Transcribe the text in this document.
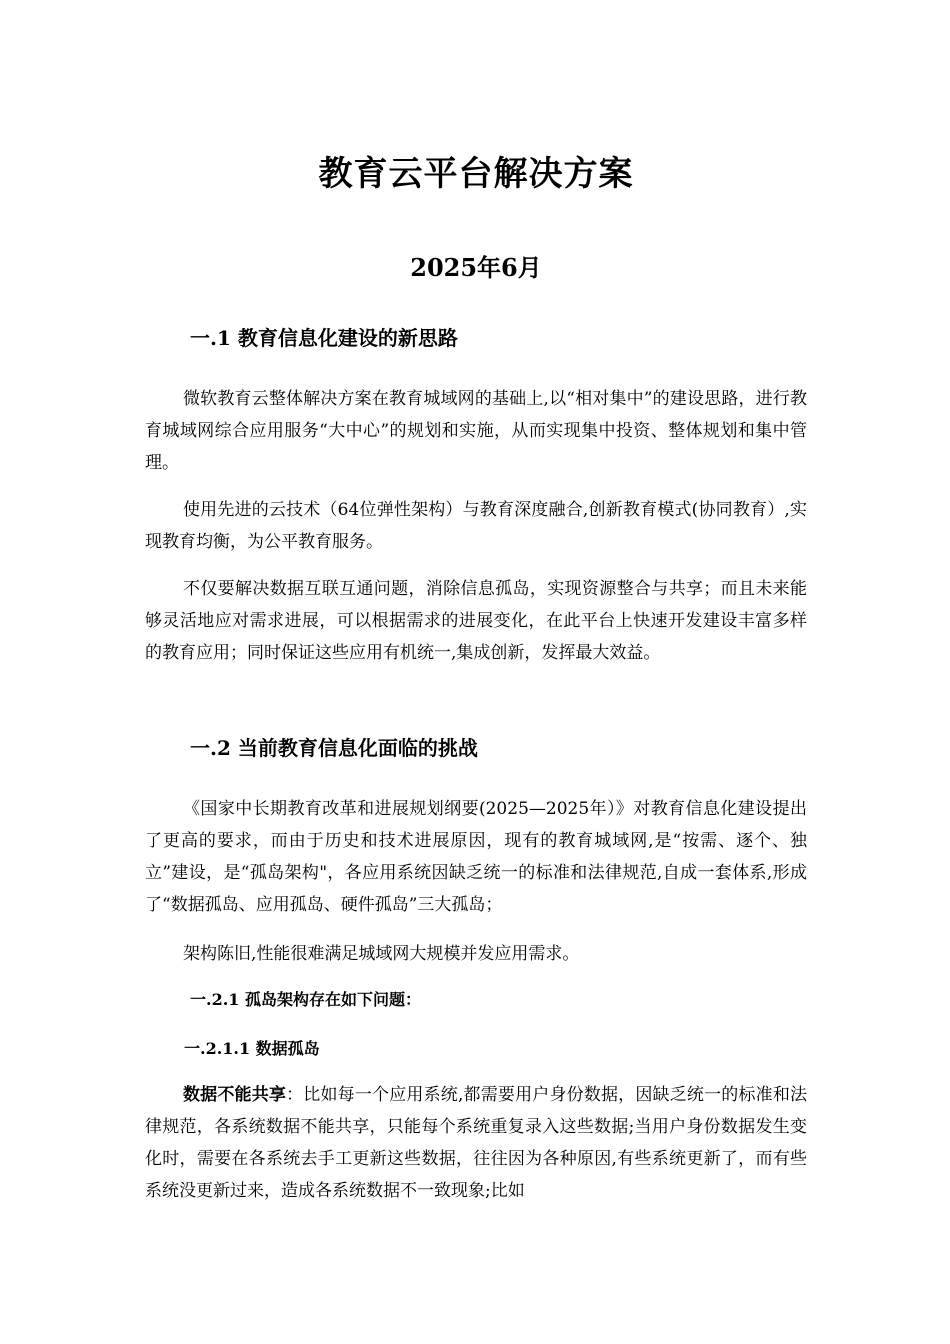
教育云平台解决方案
2025年6月
一.1 教育信息化建设的新思路

微软教育云整体解决方案在教育城域网的基础上,以“相对集中”的建设思路，进行教育城域网综合应用服务“大中心”的规划和实施，从而实现集中投资、整体规划和集中管理。

使用先进的云技术（64位弹性架构）与教育深度融合,创新教育模式(协同教育）,实现教育均衡，为公平教育服务。

不仅要解决数据互联互通问题，消除信息孤岛，实现资源整合与共享；而且未来能够灵活地应对需求进展，可以根据需求的进展变化，在此平台上快速开发建设丰富多样的教育应用；同时保证这些应用有机统一,集成创新，发挥最大效益。

一.2 当前教育信息化面临的挑战

《国家中长期教育改革和进展规划纲要(2025—2025年）》对教育信息化建设提出了更高的要求，而由于历史和技术进展原因，现有的教育城域网,是“按需、逐个、独立”建设，是“孤岛架构"，各应用系统因缺乏统一的标准和法律规范,自成一套体系,形成了“数据孤岛、应用孤岛、硬件孤岛”三大孤岛；

架构陈旧,性能很难满足城域网大规模并发应用需求。

一.2.1 孤岛架构存在如下问题：
一.2.1.1 数据孤岛

数据不能共享：比如每一个应用系统,都需要用户身份数据，因缺乏统一的标准和法律规范，各系统数据不能共享，只能每个系统重复录入这些数据;当用户身份数据发生变化时，需要在各系统去手工更新这些数据，往往因为各种原因,有些系统更新了，而有些系统没更新过来，造成各系统数据不一致现象;比如
